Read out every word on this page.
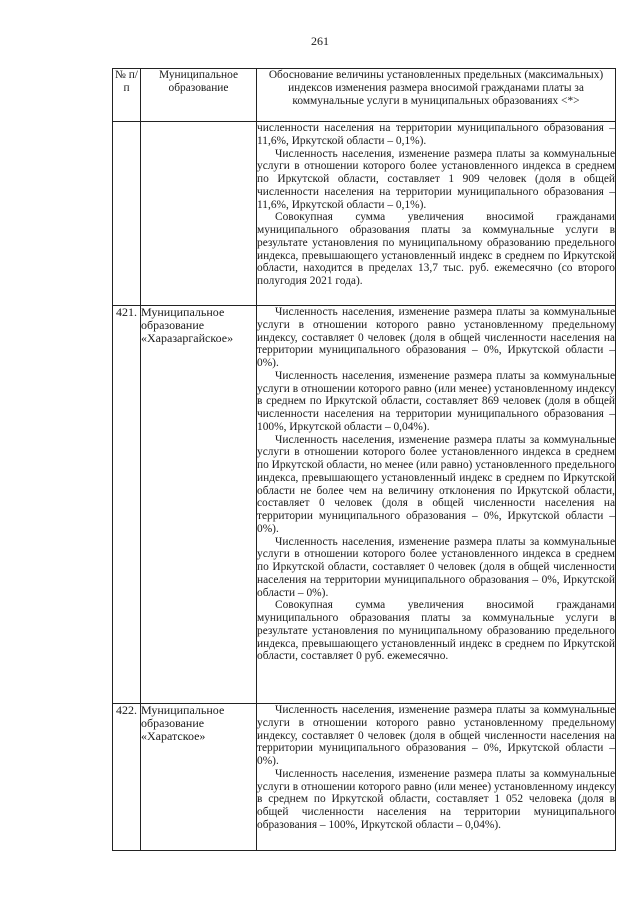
261
№ п/п	Муниципальное образование	Обоснование величины установленных предельных (максимальных) индексов изменения размера вносимой гражданами платы за коммунальные услуги в муниципальных образованиях <*>

		численности населения на территории муниципального образования – 11,6%, Иркутской области – 0,1%).

Численность населения, изменение размера платы за коммунальные услуги в отношении которого более установленного индекса в среднем по Иркутской области, составляет 1 909 человек (доля в общей численности населения на территории муниципального образования – 11,6%, Иркутской области – 0,1%).

Совокупная сумма увеличения вносимой гражданами муниципального образования платы за коммунальные услуги в результате установления по муниципальному образованию предельного индекса, превышающего установленный индекс в среднем по Иркутской области, находится в пределах 13,7 тыс. руб. ежемесячно (со второго полугодия 2021 года).

421.	Муниципальное образование «Харазаргайское»	Численность населения, изменение размера платы за коммунальные услуги в отношении которого равно установленному предельному индексу, составляет 0 человек (доля в общей численности населения на территории муниципального образования – 0%, Иркутской области – 0%).

Численность населения, изменение размера платы за коммунальные услуги в отношении которого равно (или менее) установленному индексу в среднем по Иркутской области, составляет 869 человек (доля в общей численности населения на территории муниципального образования – 100%, Иркутской области – 0,04%).

Численность населения, изменение размера платы за коммунальные услуги в отношении которого более установленного индекса в среднем по Иркутской области, но менее (или равно) установленного предельного индекса, превышающего установленный индекс в среднем по Иркутской области не более чем на величину отклонения по Иркутской области, составляет 0 человек (доля в общей численности населения на территории муниципального образования – 0%, Иркутской области – 0%).

Численность населения, изменение размера платы за коммунальные услуги в отношении которого более установленного индекса в среднем по Иркутской области, составляет 0 человек (доля в общей численности населения на территории муниципального образования – 0%, Иркутской области – 0%).

Совокупная сумма увеличения вносимой гражданами муниципального образования платы за коммунальные услуги в результате установления по муниципальному образованию предельного индекса, превышающего установленный индекс в среднем по Иркутской области, составляет 0 руб. ежемесячно.

422.	Муниципальное образование «Харатское»	Численность населения, изменение размера платы за коммунальные услуги в отношении которого равно установленному предельному индексу, составляет 0 человек (доля в общей численности населения на территории муниципального образования – 0%, Иркутской области – 0%).

Численность населения, изменение размера платы за коммунальные услуги в отношении которого равно (или менее) установленному индексу в среднем по Иркутской области, составляет 1 052 человека (доля в общей численности населения на территории муниципального образования – 100%, Иркутской области – 0,04%).
